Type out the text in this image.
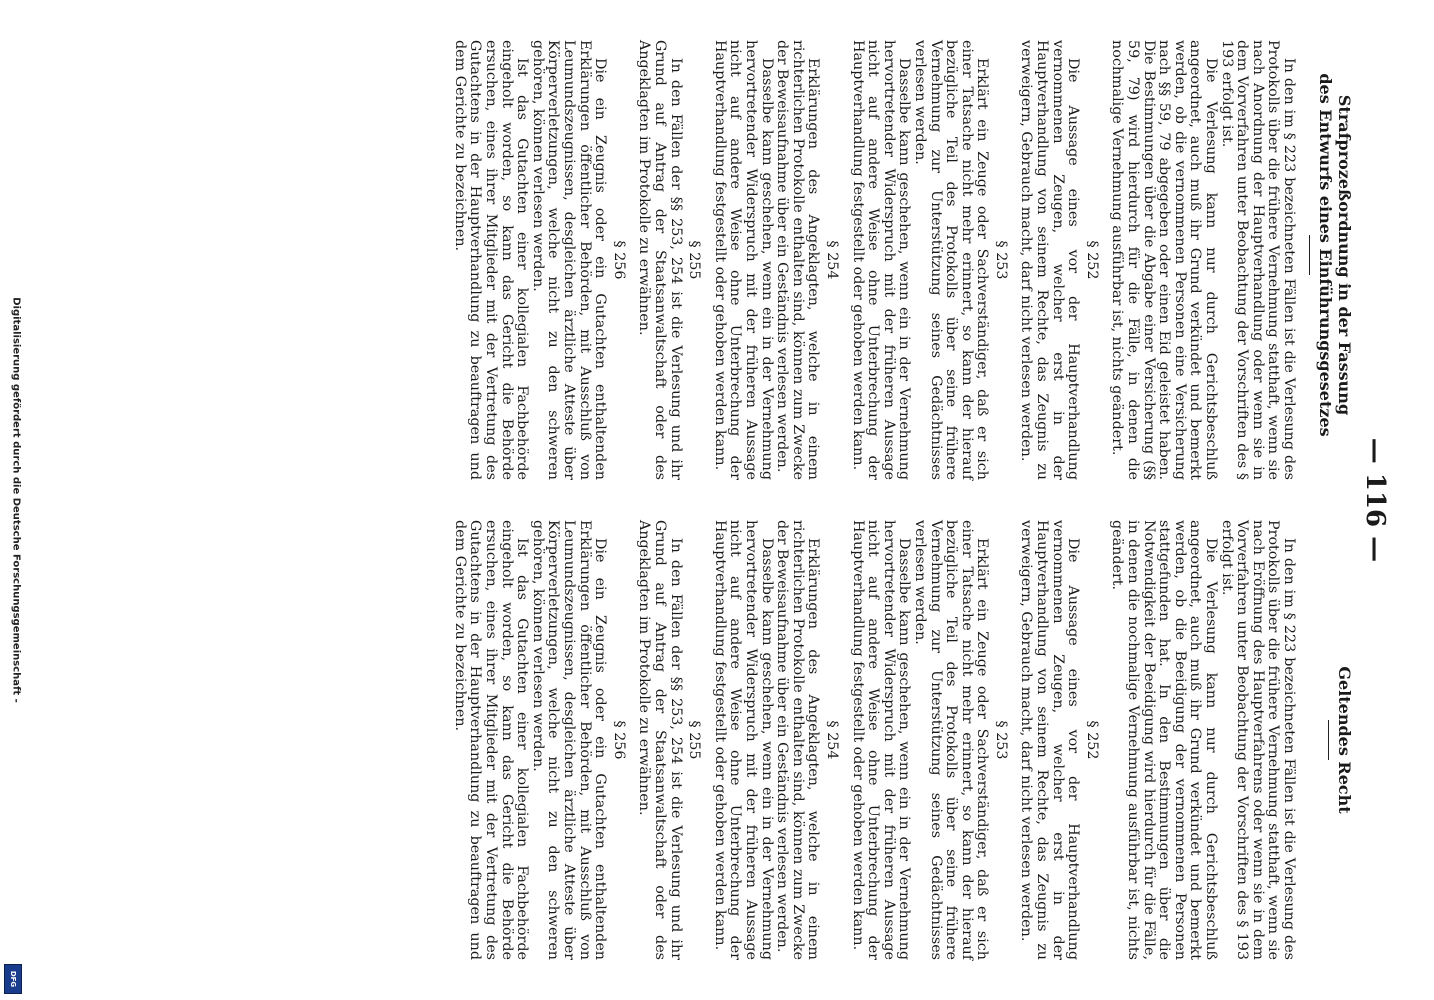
— 116 —
Strafprozeßordnung in der Fassung
des Entwurfs eines Einführungsgesetzes
Geltendes Recht

In den im § 223 bezeichneten Fällen ist die Verlesung des Protokolls über die frühere Vernehmung statthaft, wenn sie nach Anordnung der Hauptverhandlung oder wenn sie in dem Vorverfahren unter Beobachtung der Vorschriften des § 193 erfolgt ist.

Die Verlesung kann nur durch Gerichtsbeschluß angeordnet, auch muß ihr Grund verkündet und bemerkt werden, ob die vernommenen Personen eine Versicherung nach §§ 59, 79 abgegeben oder einen Eid geleistet haben. Die Bestimmungen über die Abgabe einer Versicherung (§§ 59, 79) wird hierdurch für die Fälle, in denen die nochmalige Vernehmung ausführbar ist, nichts geändert.

§ 252

Die Aussage eines vor der Hauptverhandlung vernommenen Zeugen, welcher erst in der Hauptverhandlung von seinem Rechte, das Zeugnis zu verweigern, Gebrauch macht, darf nicht verlesen werden.

§ 253

Erklärt ein Zeuge oder Sachverständiger, daß er sich einer Tatsache nicht mehr erinnert, so kann der hierauf bezügliche Teil des Protokolls über seine frühere Vernehmung zur Unterstützung seines Gedächtnisses verlesen werden.

Dasselbe kann geschehen, wenn ein in der Vernehmung hervortretender Widerspruch mit der früheren Aussage nicht auf andere Weise ohne Unterbrechung der Hauptverhandlung festgestellt oder gehoben werden kann.

§ 254

Erklärungen des Angeklagten, welche in einem richterlichen Protokolle enthalten sind, können zum Zwecke der Beweisaufnahme über ein Geständnis verlesen werden.

Dasselbe kann geschehen, wenn ein in der Vernehmung hervortretender Widerspruch mit der früheren Aussage nicht auf andere Weise ohne Unterbrechung der Hauptverhandlung festgestellt oder gehoben werden kann.

§ 255

In den Fällen der §§ 253, 254 ist die Verlesung und ihr Grund auf Antrag der Staatsanwaltschaft oder des Angeklagten im Protokolle zu erwähnen.

§ 256

Die ein Zeugnis oder ein Gutachten enthaltenden Erklärungen öffentlicher Behörden, mit Ausschluß von Leumundszeugnissen, desgleichen ärztliche Atteste über Körperverletzungen, welche nicht zu den schweren gehören, können verlesen werden.

Ist das Gutachten einer kollegialen Fachbehörde eingeholt worden, so kann das Gericht die Behörde ersuchen, eines ihrer Mitglieder mit der Vertretung des Gutachtens in der Hauptverhandlung zu beauftragen und dem Gerichte zu bezeichnen.

In den im § 223 bezeichneten Fällen ist die Verlesung des Protokolls über die frühere Vernehmung statthaft, wenn sie nach Eröffnung des Hauptverfahrens oder wenn sie in dem Vorverfahren unter Beobachtung der Vorschriften des § 193 erfolgt ist.

Die Verlesung kann nur durch Gerichtsbeschluß angeordnet, auch muß ihr Grund verkündet und bemerkt werden, ob die Beeidigung der vernommenen Personen stattgefunden hat. In den Bestimmungen über die Notwendigkeit der Beeidigung wird hierdurch für die Fälle, in denen die nochmalige Vernehmung ausführbar ist, nichts geändert.

§ 252

Die Aussage eines vor der Hauptverhandlung vernommenen Zeugen, welcher erst in der Hauptverhandlung von seinem Rechte, das Zeugnis zu verweigern, Gebrauch macht, darf nicht verlesen werden.

§ 253

Erklärt ein Zeuge oder Sachverständiger, daß er sich einer Tatsache nicht mehr erinnert, so kann der hierauf bezügliche Teil des Protokolls über seine frühere Vernehmung zur Unterstützung seines Gedächtnisses verlesen werden.

Dasselbe kann geschehen, wenn ein in der Vernehmung hervortretender Widerspruch mit der früheren Aussage nicht auf andere Weise ohne Unterbrechung der Hauptverhandlung festgestellt oder gehoben werden kann.

§ 254

Erklärungen des Angeklagten, welche in einem richterlichen Protokolle enthalten sind, können zum Zwecke der Beweisaufnahme über ein Geständnis verlesen werden.

Dasselbe kann geschehen, wenn ein in der Vernehmung hervortretender Widerspruch mit der früheren Aussage nicht auf andere Weise ohne Unterbrechung der Hauptverhandlung festgestellt oder gehoben werden kann.

§ 255

In den Fällen der §§ 253, 254 ist die Verlesung und ihr Grund auf Antrag der Staatsanwaltschaft oder des Angeklagten im Protokolle zu erwähnen.

§ 256

Die ein Zeugnis oder ein Gutachten enthaltenden Erklärungen öffentlicher Behörden, mit Ausschluß von Leumundszeugnissen, desgleichen ärztliche Atteste über Körperverletzungen, welche nicht zu den schweren gehören, können verlesen werden.

Ist das Gutachten einer kollegialen Fachbehörde eingeholt worden, so kann das Gericht die Behörde ersuchen, eines ihrer Mitglieder mit der Vertretung des Gutachtens in der Hauptverhandlung zu beauftragen und dem Gerichte zu bezeichnen.

Digitalisierung gefördert durch die Deutsche Forschungsgemeinschaft -
DFG
